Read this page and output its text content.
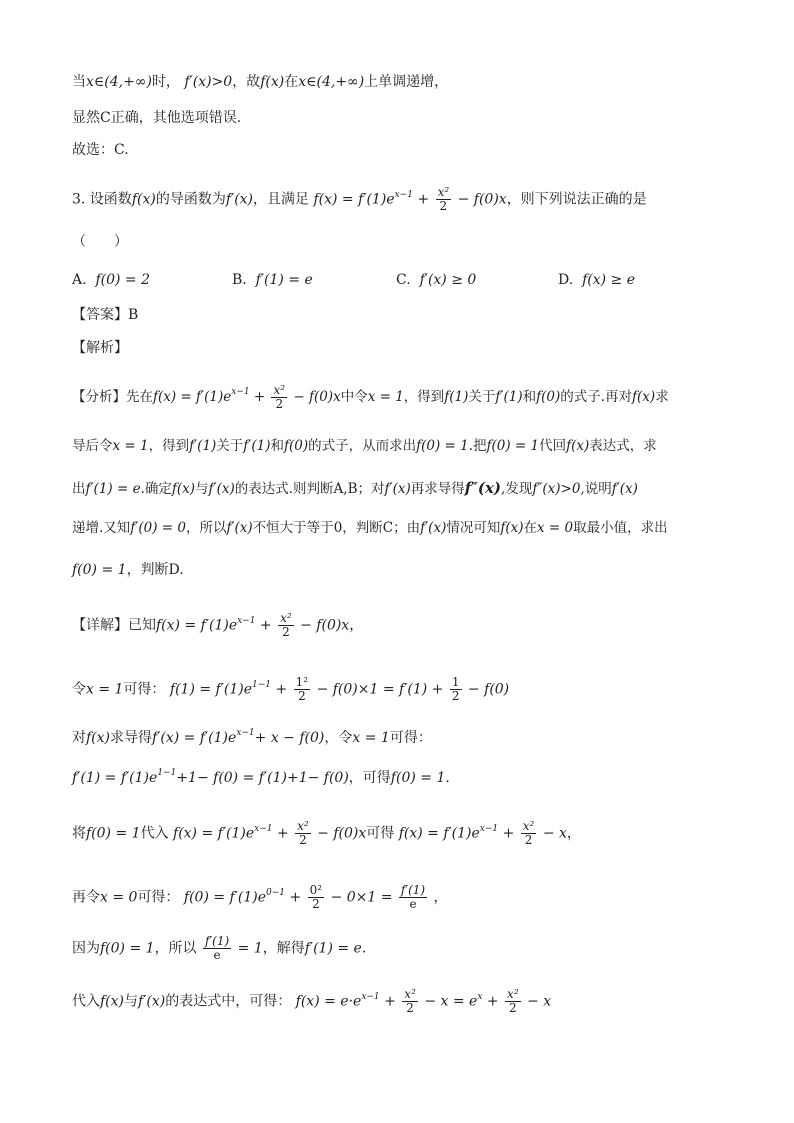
当x∈(4,+∞)时， f′(x)>0，故f(x)在x∈(4,+∞)上单调递增，
显然C正确，其他选项错误.
故选：C.
3. 设函数f(x)的导函数为f′(x)，且满足 $f(x) = f'(1)e^{x-1} + \frac{\text{x²}}{2} - f(0)x$，则下列说法正确的是
（　　）
A. f(0) = 2	B. f′(1) = e	C. f′(x) ≥ 0	D. f(x) ≥ e
【答案】B
【解析】
【分析】先在$f(x) = f'(1)e^{x-1} + \frac{\text{x²}}{2} - f(0)x$中令x = 1，得到f(1)关于f′(1)和f(0)的式子.再对f(x)求
导后令x = 1，得到f′(1)关于f′(1)和f(0)的式子，从而求出f(0) = 1.把f(0) = 1代回f(x)表达式，求
出f′(1) = e.确定f(x)与f′(x)的表达式.则判断A,B；对f′(x)再求导得f″(x),发现f″(x)>0,说明f′(x)
递增.又知f′(0) = 0，所以f′(x)不恒大于等于0，判断C；由f′(x)情况可知f(x)在x = 0取最小值，求出
f(0) = 1，判断D.
【详解】已知$f(x) = f'(1)e^{x-1} + \frac{\text{x²}}{2} - f(0)x$，
令x = 1可得： $f(1) = f'(1)e^{1-1} + \frac{\text{1²}}{2} - f(0)\times 1 = f'(1) + \frac{1}{2} - f(0)$
对f(x)求导得$f'(x) = f'(1)e^{x-1}+ x - f(0)$，令x = 1可得：
$f'(1) = f'(1)e^{1-1}+1- f(0) = f'(1)+1- f(0)$，可得f(0) = 1.
将f(0) = 1代入 $f(x) = f'(1)e^{x-1} + \frac{\text{x²}}{2} - f(0)x$可得 $f(x) = f'(1)e^{x-1} + \frac{\text{x²}}{2} - x$，
再令x = 0可得： $f(0) = f'(1)e^{0-1} + \frac{\text{0²}}{2} - 0\times 1 = \frac{f'(1)}{e}$ ，
因为f(0) = 1，所以 $\frac{f'(1)}{e} = 1$，解得f′(1) = e.
代入f(x)与f′(x)的表达式中，可得： $f(x) = e\cdot e^{x-1} + \frac{\text{x²}}{2} - x = e^x + \frac{\text{x²}}{2} - x$
